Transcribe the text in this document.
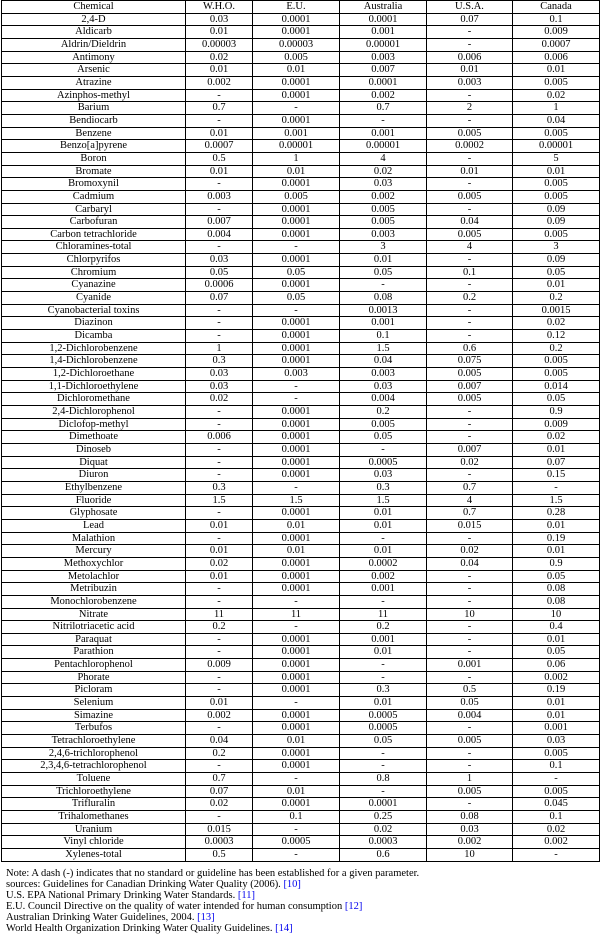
Chemical	W.H.O.	E.U.	Australia	U.S.A.	Canada
2,4-D	0.03	0.0001	0.0001	0.07	0.1
Aldicarb	0.01	0.0001	0.001	-	0.009
Aldrin/Dieldrin	0.00003	0.00003	0.00001	-	0.0007
Antimony	0.02	0.005	0.003	0.006	0.006
Arsenic	0.01	0.01	0.007	0.01	0.01
Atrazine	0.002	0.0001	0.0001	0.003	0.005
Azinphos-methyl	-	0.0001	0.002	-	0.02
Barium	0.7	-	0.7	2	1
Bendiocarb	-	0.0001	-	-	0.04
Benzene	0.01	0.001	0.001	0.005	0.005
Benzo[a]pyrene	0.0007	0.00001	0.00001	0.0002	0.00001
Boron	0.5	1	4	-	5
Bromate	0.01	0.01	0.02	0.01	0.01
Bromoxynil	-	0.0001	0.03	-	0.005
Cadmium	0.003	0.005	0.002	0.005	0.005
Carbaryl	-	0.0001	0.005	-	0.09
Carbofuran	0.007	0.0001	0.005	0.04	0.09
Carbon tetrachloride	0.004	0.0001	0.003	0.005	0.005
Chloramines-total	-	-	3	4	3
Chlorpyrifos	0.03	0.0001	0.01	-	0.09
Chromium	0.05	0.05	0.05	0.1	0.05
Cyanazine	0.0006	0.0001	-	-	0.01
Cyanide	0.07	0.05	0.08	0.2	0.2
Cyanobacterial toxins	-	-	0.0013	-	0.0015
Diazinon	-	0.0001	0.001	-	0.02
Dicamba	-	0.0001	0.1	-	0.12
1,2-Dichlorobenzene	1	0.0001	1.5	0.6	0.2
1,4-Dichlorobenzene	0.3	0.0001	0.04	0.075	0.005
1,2-Dichloroethane	0.03	0.003	0.003	0.005	0.005
1,1-Dichloroethylene	0.03	-	0.03	0.007	0.014
Dichloromethane	0.02	-	0.004	0.005	0.05
2,4-Dichlorophenol	-	0.0001	0.2	-	0.9
Diclofop-methyl	-	0.0001	0.005	-	0.009
Dimethoate	0.006	0.0001	0.05	-	0.02
Dinoseb	-	0.0001	-	0.007	0.01
Diquat	-	0.0001	0.0005	0.02	0.07
Diuron	-	0.0001	0.03	-	0.15
Ethylbenzene	0.3	-	0.3	0.7	-
Fluoride	1.5	1.5	1.5	4	1.5
Glyphosate	-	0.0001	0.01	0.7	0.28
Lead	0.01	0.01	0.01	0.015	0.01
Malathion	-	0.0001	-	-	0.19
Mercury	0.01	0.01	0.01	0.02	0.01
Methoxychlor	0.02	0.0001	0.0002	0.04	0.9
Metolachlor	0.01	0.0001	0.002	-	0.05
Metribuzin	-	0.0001	0.001	-	0.08
Monochlorobenzene	-	-	-	-	0.08
Nitrate	11	11	11	10	10
Nitrilotriacetic acid	0.2	-	0.2	-	0.4
Paraquat	-	0.0001	0.001	-	0.01
Parathion	-	0.0001	0.01	-	0.05
Pentachlorophenol	0.009	0.0001	-	0.001	0.06
Phorate	-	0.0001	-	-	0.002
Picloram	-	0.0001	0.3	0.5	0.19
Selenium	0.01	-	0.01	0.05	0.01
Simazine	0.002	0.0001	0.0005	0.004	0.01
Terbufos	-	0.0001	0.0005	-	0.001
Tetrachloroethylene	0.04	0.01	0.05	0.005	0.03
2,4,6-trichlorophenol	0.2	0.0001	-	-	0.005
2,3,4,6-tetrachlorophenol	-	0.0001	-	-	0.1
Toluene	0.7	-	0.8	1	-
Trichloroethylene	0.07	0.01	-	0.005	0.005
Trifluralin	0.02	0.0001	0.0001	-	0.045
Trihalomethanes	-	0.1	0.25	0.08	0.1
Uranium	0.015	-	0.02	0.03	0.02
Vinyl chloride	0.0003	0.0005	0.0003	0.002	0.002
Xylenes-total	0.5	-	0.6	10	-
Note: A dash (-) indicates that no standard or guideline has been established for a given parameter.
sources: Guidelines for Canadian Drinking Water Quality (2006). [10]
U.S. EPA National Primary Drinking Water Standards. [11]
E.U. Council Directive on the quality of water intended for human consumption [12]
Australian Drinking Water Guidelines, 2004. [13]
World Health Organization Drinking Water Quality Guidelines. [14]
